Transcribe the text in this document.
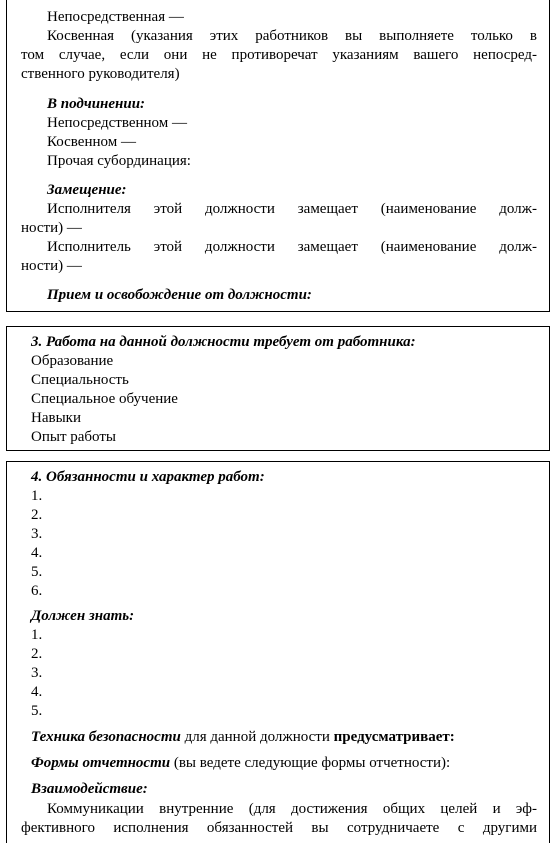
Непосредственная —
Косвенная (указания этих работников вы выполняете только в
том случае, если они не противоречат указаниям вашего непосред-
ственного руководителя)
В подчинении:
Непосредственном —
Косвенном —
Прочая субординация:
Замещение:
Исполнителя этой должности замещает (наименование долж-
ности) —
Исполнитель этой должности замещает (наименование долж-
ности) —
Прием и освобождение от должности:
3. Работа на данной должности требует от работника:
Образование
Специальность
Специальное обучение
Навыки
Опыт работы
4. Обязанности и характер работ:
1.
2.
3.
4.
5.
6.
Должен знать:
1.
2.
3.
4.
5.
Техника безопасности для данной должности предусматривает:
Формы отчетности (вы ведете следующие формы отчетности):
Взаимодействие:
Коммуникации внутренние (для достижения общих целей и эф-
фективного исполнения обязанностей вы сотрудничаете с другими
